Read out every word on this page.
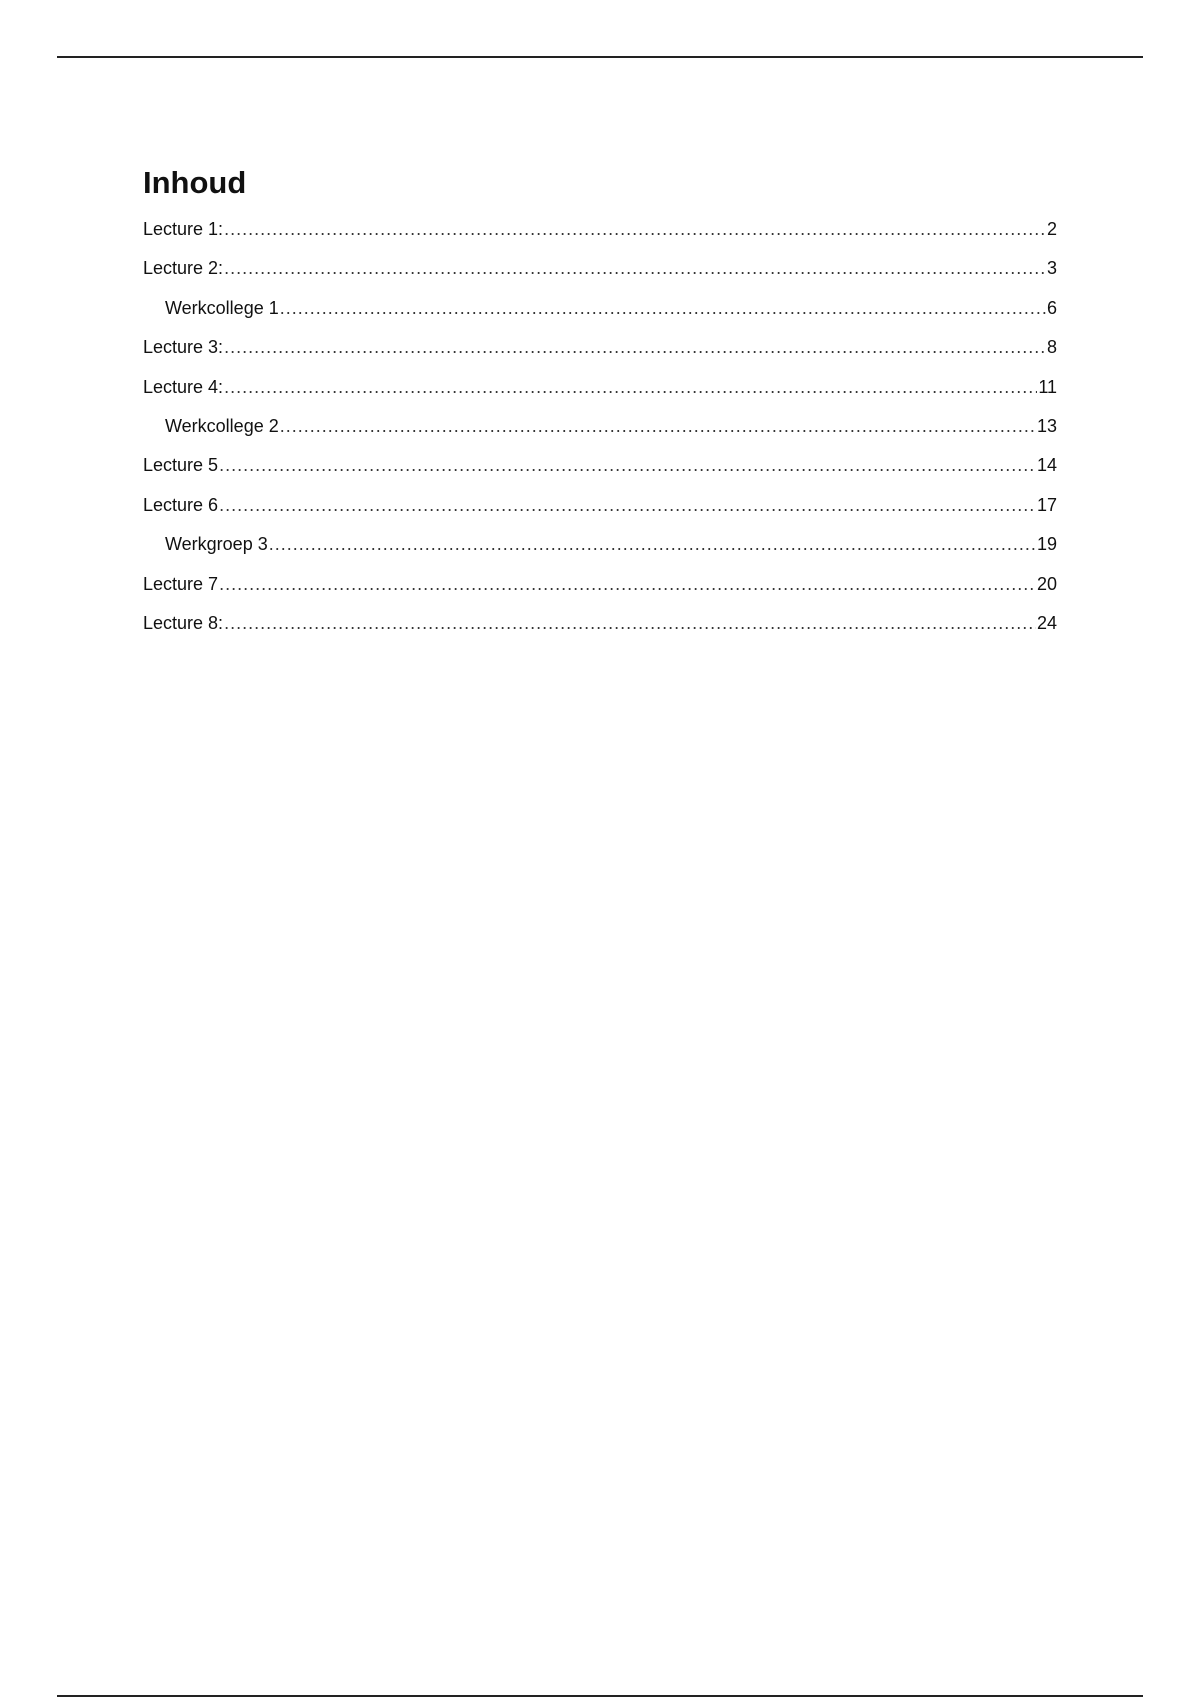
Inhoud
Lecture 1: .....	2
Lecture 2: .....	3
Werkcollege 1 .....	6
Lecture 3: .....	8
Lecture 4: .....	11
Werkcollege 2 .....	13
Lecture 5 .....	14
Lecture 6 .....	17
Werkgroep 3 .....	19
Lecture 7 .....	20
Lecture 8: .....	24
